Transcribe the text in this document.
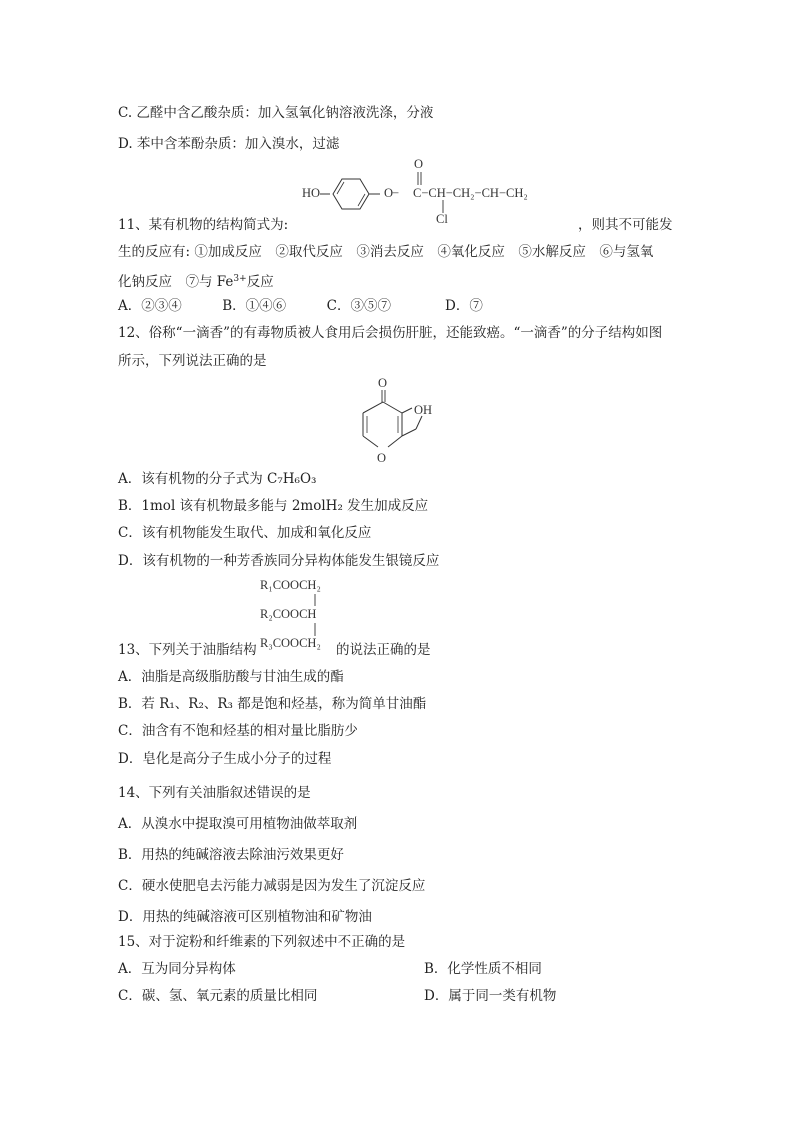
C. 乙醛中含乙酸杂质：加入氢氧化钠溶液洗涤，分液
D. 苯中含苯酚杂质：加入溴水，过滤
HO	O
−
O
C−CH−CH₂−CH−CH₂
Cl
11、某有机物的结构简式为:	，则其不可能发
生的反应有: ①加成反应　②取代反应　③消去反应　④氧化反应　⑤水解反应　⑥与氢氧
化钠反应　⑦与 $Fe^{3+}$反应
A．②③④　　　B．①④⑥　　　C．③⑤⑦　　　　D．⑦
12、俗称“一滴香”的有毒物质被人食用后会损伤肝脏，还能致癌。“一滴香”的分子结构如图
所示，下列说法正确的是
O
OH
O
A．该有机物的分子式为 C₇H₆O₃
B．1mol 该有机物最多能与 2molH₂ 发生加成反应
C．该有机物能发生取代、加成和氧化反应
D．该有机物的一种芳香族同分异构体能发生银镜反应
R₁COOCH₂
R₂COOCH
R₃COOCH₂
13、下列关于油脂结构	的说法正确的是
A．油脂是高级脂肪酸与甘油生成的酯
B．若 R₁、R₂、R₃ 都是饱和烃基，称为简单甘油酯
C．油含有不饱和烃基的相对量比脂肪少
D．皂化是高分子生成小分子的过程
14、下列有关油脂叙述错误的是
A．从溴水中提取溴可用植物油做萃取剂
B．用热的纯碱溶液去除油污效果更好
C．硬水使肥皂去污能力减弱是因为发生了沉淀反应
D．用热的纯碱溶液可区别植物油和矿物油
15、对于淀粉和纤维素的下列叙述中不正确的是
A．互为同分异构体	B．化学性质不相同
C．碳、氢、氧元素的质量比相同	D．属于同一类有机物
